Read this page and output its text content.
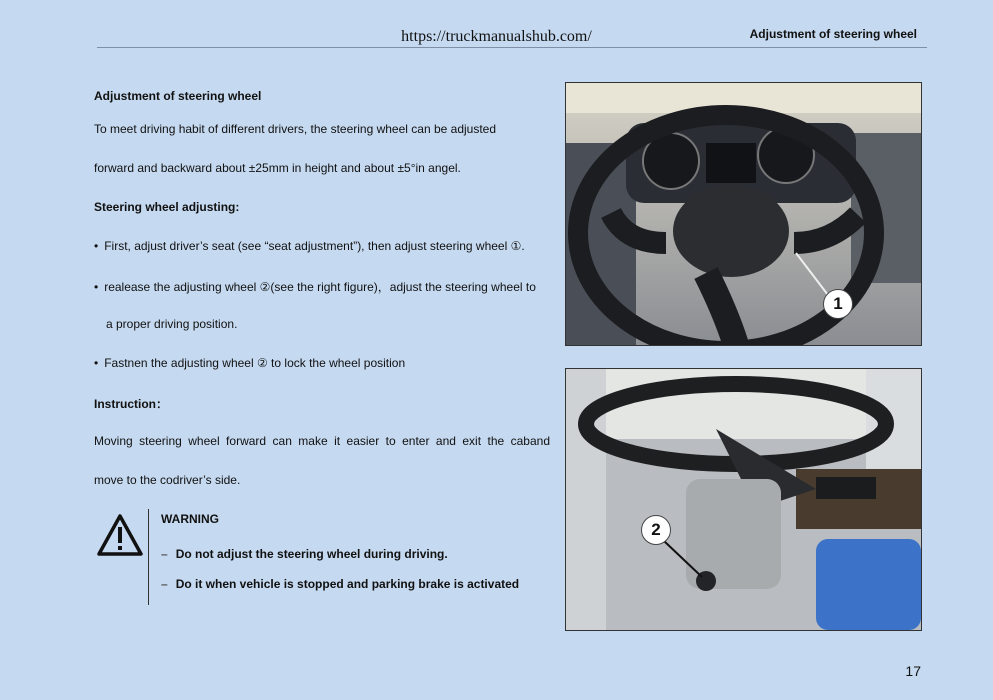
https://truckmanualshub.com/	Adjustment of steering wheel
Adjustment of steering wheel
To meet driving habit of different drivers, the steering wheel can be adjusted
forward and backward about ±25mm in height and about ±5°in angel.
Steering wheel adjusting:
• First, adjust driver’s seat (see “seat adjustment”), then adjust steering wheel ①.
• realease the adjusting wheel ②(see the right figure)，adjust the steering wheel to
a proper driving position.
• Fastnen the adjusting wheel ② to lock the wheel position
Instruction：
Moving steering wheel forward can make it easier to enter and exit the caband
move to the codriver’s side.
WARNING
– Do not adjust the steering wheel during driving.
– Do it when vehicle is stopped and parking brake is activated
1
2
17
